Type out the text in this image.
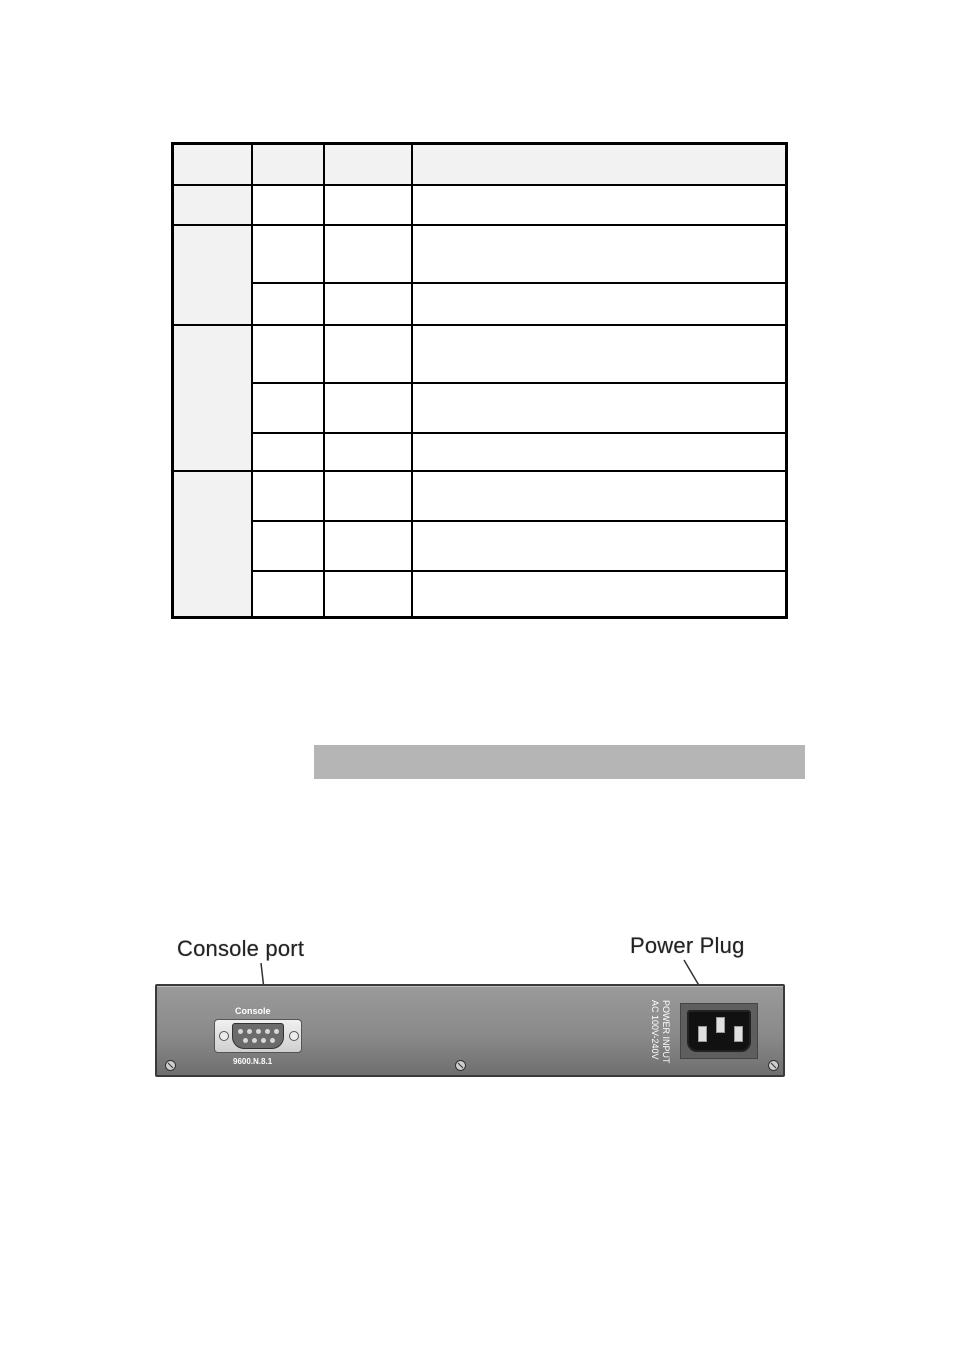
Console port	Power Plug
Console
9600.N.8.1	POWER INPUT
AC 100V-240V
